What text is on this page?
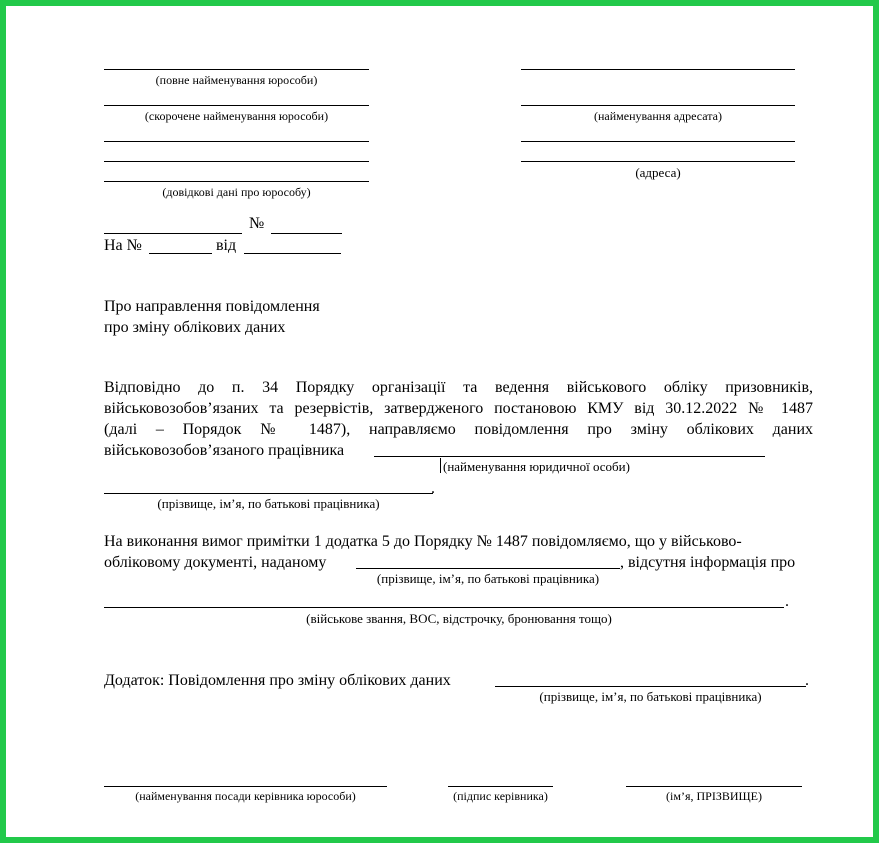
(повне найменування юрособи)
(скорочене найменування юрособи)
(довідкові дані про юрособу)
(найменування адресата)
(адреса)
№
На №	від
Про направлення повідомлення
про зміну облікових даних
Відповідно до п. 34 Порядку організації та ведення військового обліку призовників,
військовозобов’язаних та резервістів, затвердженого постановою КМУ від 30.12.2022 № 1487
(далі – Порядок № 1487), направляємо повідомлення про зміну облікових даних
військовозобов’язаного працівника
(найменування юридичної особи)
.
(прізвище, ім’я, по батькові працівника)
На виконання вимог примітки 1 додатка 5 до Порядку № 1487 повідомляємо, що у військово-
обліковому документі, наданому	, відсутня інформація про
(прізвище, ім’я, по батькові працівника)
.
(військове звання, ВОС, відстрочку, бронювання тощо)
Додаток: Повідомлення про зміну облікових даних	.
(прізвище, ім’я, по батькові працівника)
(найменування посади керівника юрособи)	(підпис керівника)	(ім’я, ПРІЗВИЩЕ)
